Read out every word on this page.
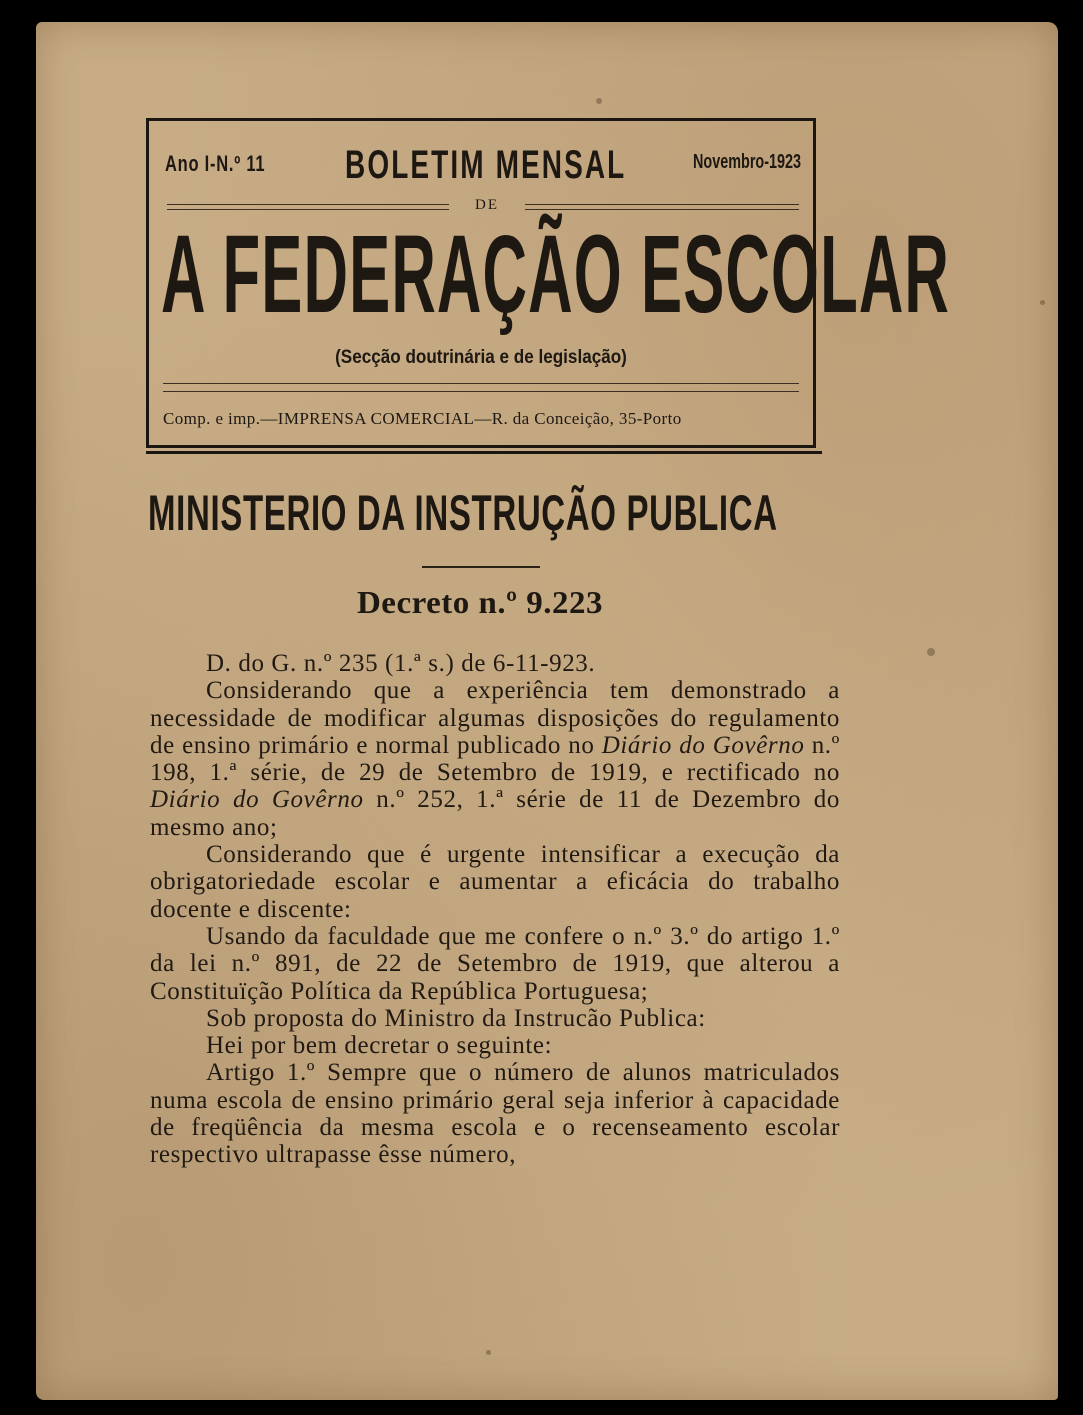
Ano I-N.º 11 BOLETIM MENSAL	Novembro-1923
DE
A FEDERAÇÃO ESCOLAR
(Secção doutrinária e de legislação)
Comp. e imp.—IMPRENSA COMERCIAL—R. da Conceição, 35-Porto
MINISTERIO DA INSTRUÇÃO PUBLICA
Decreto n.º 9.223

D. do G. n.º 235 (1.ª s.) de 6-11-923.

Considerando que a experiência tem demonstrado a necessidade de modificar algumas disposições do regulamento de ensino primário e normal publicado no Diário do Govêrno n.º 198, 1.ª série, de 29 de Setembro de 1919, e rectificado no Diário do Govêrno n.º 252, 1.ª série de 11 de Dezembro do mesmo ano;

Considerando que é urgente intensificar a execução da obrigatoriedade escolar e aumentar a eficácia do trabalho docente e discente:

Usando da faculdade que me confere o n.º 3.º do artigo 1.º da lei n.º 891, de 22 de Setembro de 1919, que alterou a Constituïção Política da República Portuguesa;

Sob proposta do Ministro da Instrucão Publica:

Hei por bem decretar o seguinte:

Artigo 1.º Sempre que o número de alunos matriculados numa escola de ensino primário geral seja inferior à capacidade de freqüência da mesma escola e o recenseamento escolar respectivo ultrapasse êsse número,
